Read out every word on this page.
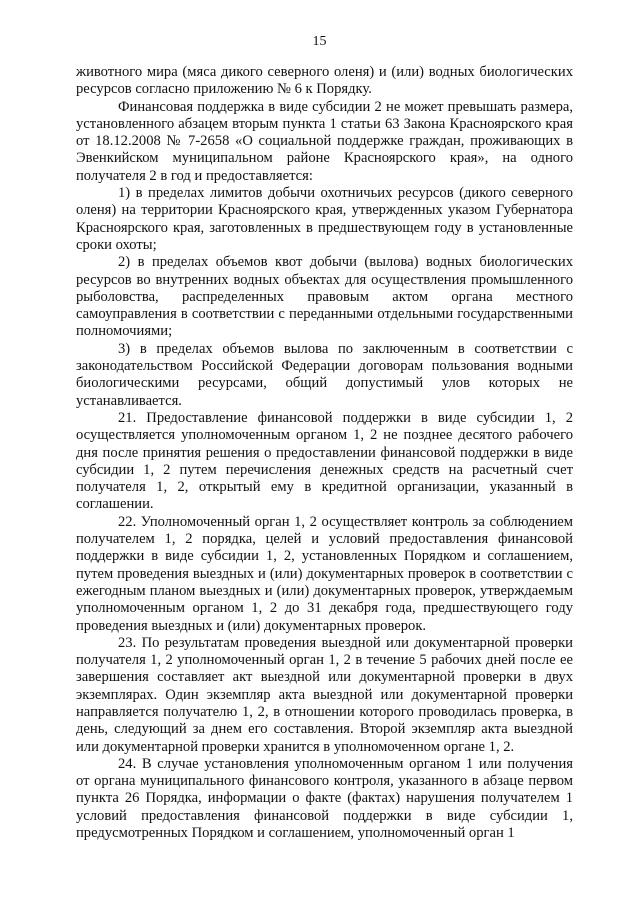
15

животного мира (мяса дикого северного оленя) и (или) водных биологических ресурсов согласно приложению № 6 к Порядку.

Финансовая поддержка в виде субсидии 2 не может превышать размера, установленного абзацем вторым пункта 1 статьи 63 Закона Красноярского края от 18.12.2008 № 7-2658 «О социальной поддержке граждан, проживающих в Эвенкийском муниципальном районе Красноярского края», на одного получателя 2 в год и предоставляется:

1) в пределах лимитов добычи охотничьих ресурсов (дикого северного оленя) на территории Красноярского края, утвержденных указом Губернатора Красноярского края, заготовленных в предшествующем году в установленные сроки охоты;

2) в пределах объемов квот добычи (вылова) водных биологических ресурсов во внутренних водных объектах для осуществления промышленного рыболовства, распределенных правовым актом органа местного самоуправления в соответствии с переданными отдельными государственными полномочиями;

3) в пределах объемов вылова по заключенным в соответствии с законодательством Российской Федерации договорам пользования водными биологическими ресурсами, общий допустимый улов которых не устанавливается.

21. Предоставление финансовой поддержки в виде субсидии 1, 2 осуществляется уполномоченным органом 1, 2 не позднее десятого рабочего дня после принятия решения о предоставлении финансовой поддержки в виде субсидии 1, 2 путем перечисления денежных средств на расчетный счет получателя 1, 2, открытый ему в кредитной организации, указанный в соглашении.

22. Уполномоченный орган 1, 2 осуществляет контроль за соблюдением получателем 1, 2 порядка, целей и условий предоставления финансовой поддержки в виде субсидии 1, 2, установленных Порядком и соглашением, путем проведения выездных и (или) документарных проверок в соответствии с ежегодным планом выездных и (или) документарных проверок, утверждаемым уполномоченным органом 1, 2 до 31 декабря года, предшествующего году проведения выездных и (или) документарных проверок.

23. По результатам проведения выездной или документарной проверки получателя 1, 2 уполномоченный орган 1, 2 в течение 5 рабочих дней после ее завершения составляет акт выездной или документарной проверки в двух экземплярах. Один экземпляр акта выездной или документарной проверки направляется получателю 1, 2, в отношении которого проводилась проверка, в день, следующий за днем его составления. Второй экземпляр акта выездной или документарной проверки хранится в уполномоченном органе 1, 2.

24. В случае установления уполномоченным органом 1 или получения от органа муниципального финансового контроля, указанного в абзаце первом пункта 26 Порядка, информации о факте (фактах) нарушения получателем 1 условий предоставления финансовой поддержки в виде субсидии 1, предусмотренных Порядком и соглашением, уполномоченный орган 1
